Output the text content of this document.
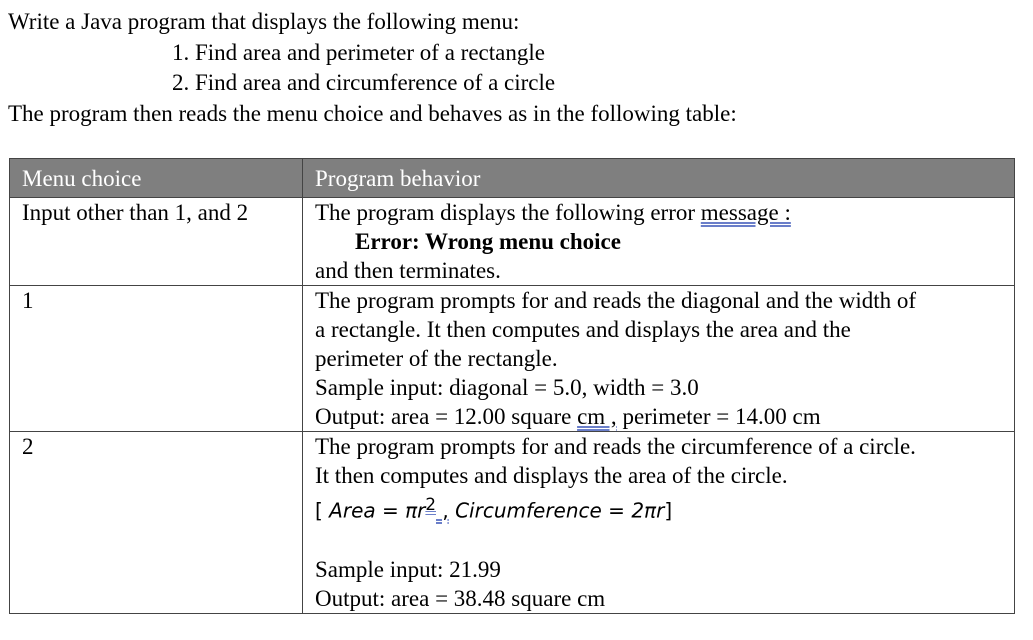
Write a Java program that displays the following menu:
1. Find area and perimeter of a rectangle
2. Find area and circumference of a circle
The program then reads the menu choice and behaves as in the following table:
Menu choice	Program behavior
Input other than 1, and 2	The program displays the following error message :
Error: Wrong menu choice
and then terminates.

1	The program prompts for and reads the diagonal and the width of
a rectangle. It then computes and displays the area and the
perimeter of the rectangle.
Sample input: diagonal = 5.0, width = 3.0
Output: area = 12.00 square cm , perimeter = 14.00 cm

2	The program prompts for and reads the circumference of a circle.
It then computes and displays the area of the circle.
[ Area = $\pi r^2$ , Circumference = 2πr]
Sample input: 21.99
Output: area = 38.48 square cm
